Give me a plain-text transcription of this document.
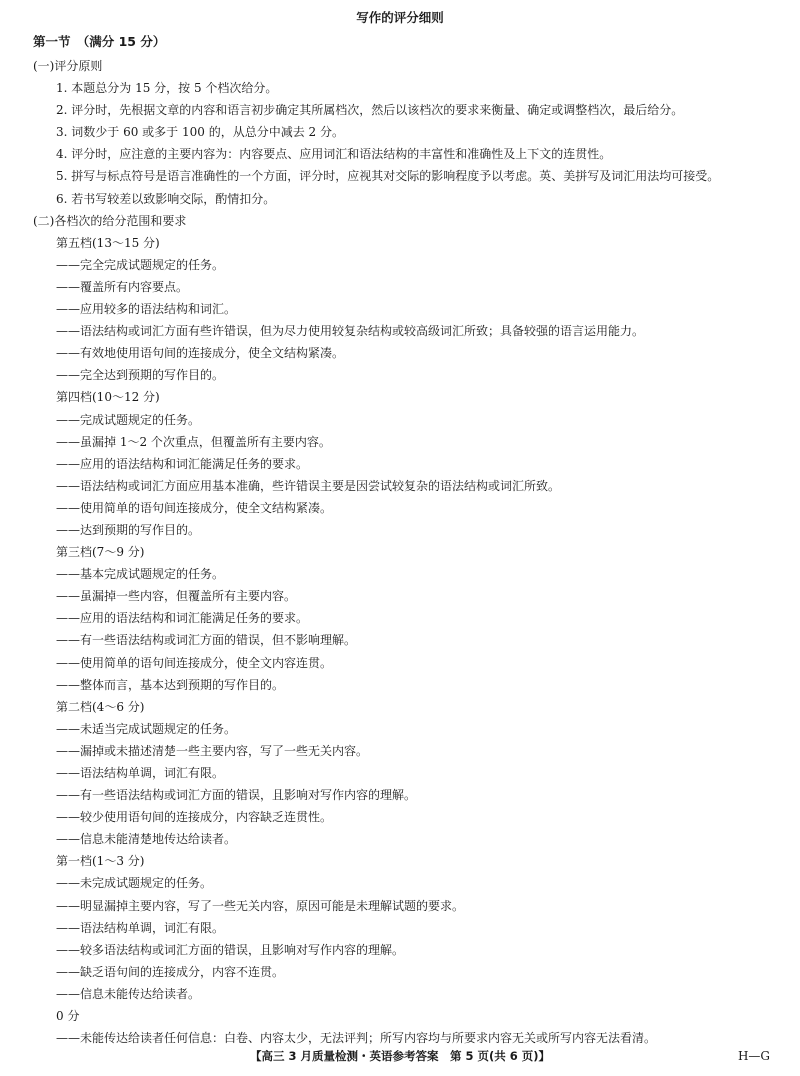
写作的评分细则
第一节　（满分 15 分）
(一)评分原则
1. 本题总分为 15 分，按 5 个档次给分。
2. 评分时，先根据文章的内容和语言初步确定其所属档次，然后以该档次的要求来衡量、确定或调整档次，最后给分。
3. 词数少于 60 或多于 100 的，从总分中减去 2 分。
4. 评分时，应注意的主要内容为：内容要点、应用词汇和语法结构的丰富性和准确性及上下文的连贯性。
5. 拼写与标点符号是语言准确性的一个方面，评分时，应视其对交际的影响程度予以考虑。英、美拼写及词汇用法均可接受。
6. 若书写较差以致影响交际，酌情扣分。
(二)各档次的给分范围和要求
第五档(13～15 分)
——完全完成试题规定的任务。
——覆盖所有内容要点。
——应用较多的语法结构和词汇。
——语法结构或词汇方面有些许错误，但为尽力使用较复杂结构或较高级词汇所致；具备较强的语言运用能力。
——有效地使用语句间的连接成分，使全文结构紧凑。
——完全达到预期的写作目的。
第四档(10～12 分)
——完成试题规定的任务。
——虽漏掉 1～2 个次重点，但覆盖所有主要内容。
——应用的语法结构和词汇能满足任务的要求。
——语法结构或词汇方面应用基本准确，些许错误主要是因尝试较复杂的语法结构或词汇所致。
——使用简单的语句间连接成分，使全文结构紧凑。
——达到预期的写作目的。
第三档(7～9 分)
——基本完成试题规定的任务。
——虽漏掉一些内容，但覆盖所有主要内容。
——应用的语法结构和词汇能满足任务的要求。
——有一些语法结构或词汇方面的错误，但不影响理解。
——使用简单的语句间连接成分，使全文内容连贯。
——整体而言，基本达到预期的写作目的。
第二档(4～6 分)
——未适当完成试题规定的任务。
——漏掉或未描述清楚一些主要内容，写了一些无关内容。
——语法结构单调，词汇有限。
——有一些语法结构或词汇方面的错误，且影响对写作内容的理解。
——较少使用语句间的连接成分，内容缺乏连贯性。
——信息未能清楚地传达给读者。
第一档(1～3 分)
——未完成试题规定的任务。
——明显漏掉主要内容，写了一些无关内容，原因可能是未理解试题的要求。
——语法结构单调，词汇有限。
——较多语法结构或词汇方面的错误，且影响对写作内容的理解。
——缺乏语句间的连接成分，内容不连贯。
——信息未能传达给读者。
0 分
——未能传达给读者任何信息：白卷、内容太少，无法评判；所写内容均与所要求内容无关或所写内容无法看清。
【高三 3 月质量检测・英语参考答案　第 5 页(共 6 页)】	H—G
